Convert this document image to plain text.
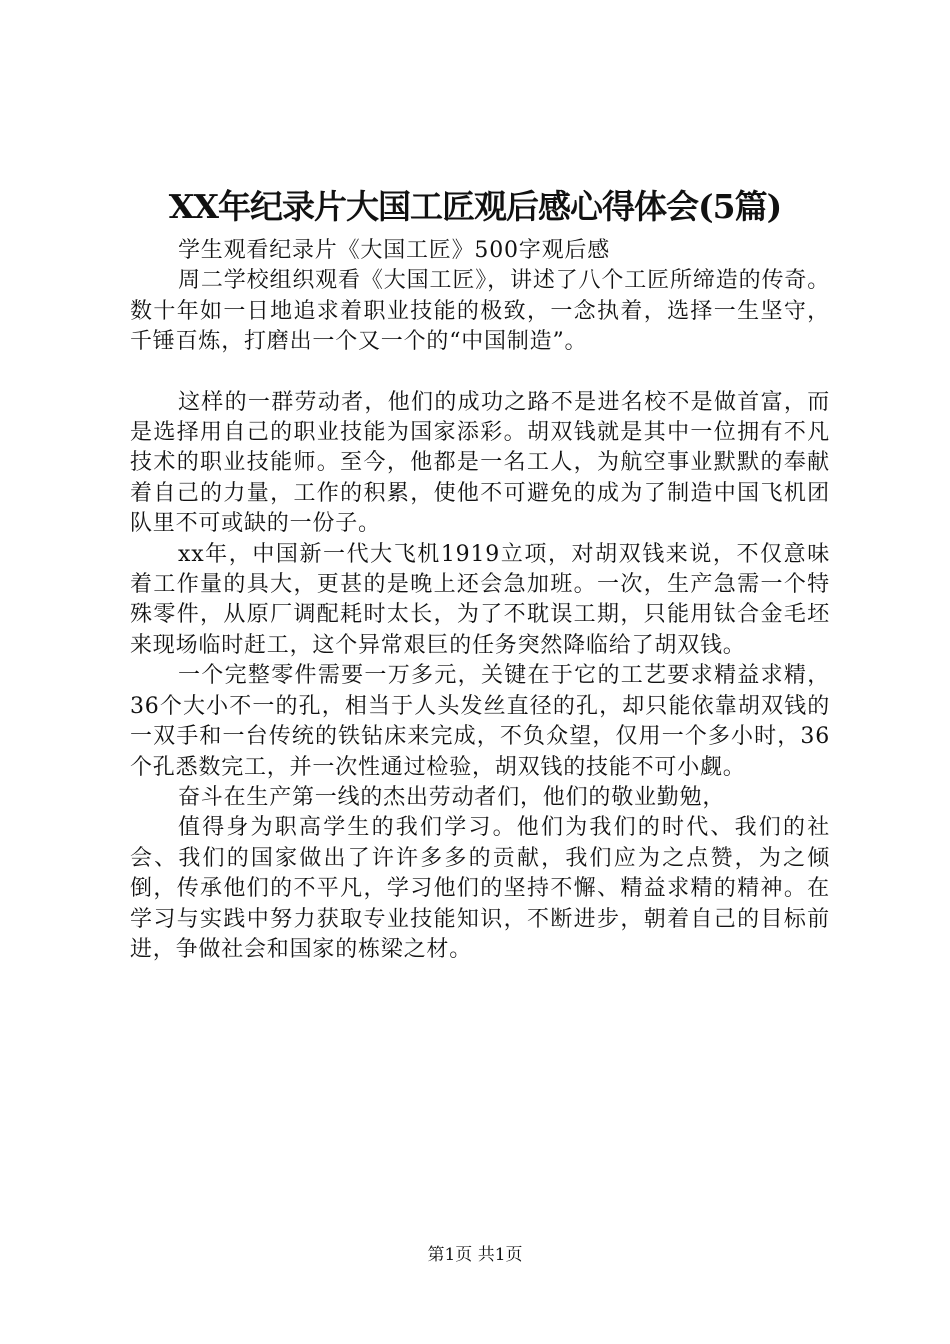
XX年纪录片大国工匠观后感心得体会(5篇)

学生观看纪录片《大国工匠》500字观后感

周二学校组织观看《大国工匠》，讲述了八个工匠所缔造的传奇。数十年如一日地追求着职业技能的极致，一念执着，选择一生坚守，千锤百炼，打磨出一个又一个的“中国制造”。

这样的一群劳动者，他们的成功之路不是进名校不是做首富，而是选择用自己的职业技能为国家添彩。胡双钱就是其中一位拥有不凡技术的职业技能师。至今，他都是一名工人，为航空事业默默的奉献着自己的力量，工作的积累，使他不可避免的成为了制造中国飞机团队里不可或缺的一份子。

xx年，中国新一代大飞机1919立项，对胡双钱来说，不仅意味着工作量的具大，更甚的是晚上还会急加班。一次，生产急需一个特殊零件，从原厂调配耗时太长，为了不耽误工期，只能用钛合金毛坯来现场临时赶工，这个异常艰巨的任务突然降临给了胡双钱。

一个完整零件需要一万多元，关键在于它的工艺要求精益求精，36个大小不一的孔，相当于人头发丝直径的孔，却只能依靠胡双钱的一双手和一台传统的铁钻床来完成，不负众望，仅用一个多小时，36个孔悉数完工，并一次性通过检验，胡双钱的技能不可小觑。

奋斗在生产第一线的杰出劳动者们，他们的敬业勤勉，

值得身为职高学生的我们学习。他们为我们的时代、我们的社会、我们的国家做出了许许多多的贡献，我们应为之点赞，为之倾倒，传承他们的不平凡，学习他们的坚持不懈、精益求精的精神。在学习与实践中努力获取专业技能知识，不断进步，朝着自己的目标前进，争做社会和国家的栋梁之材。

第1页 共1页
